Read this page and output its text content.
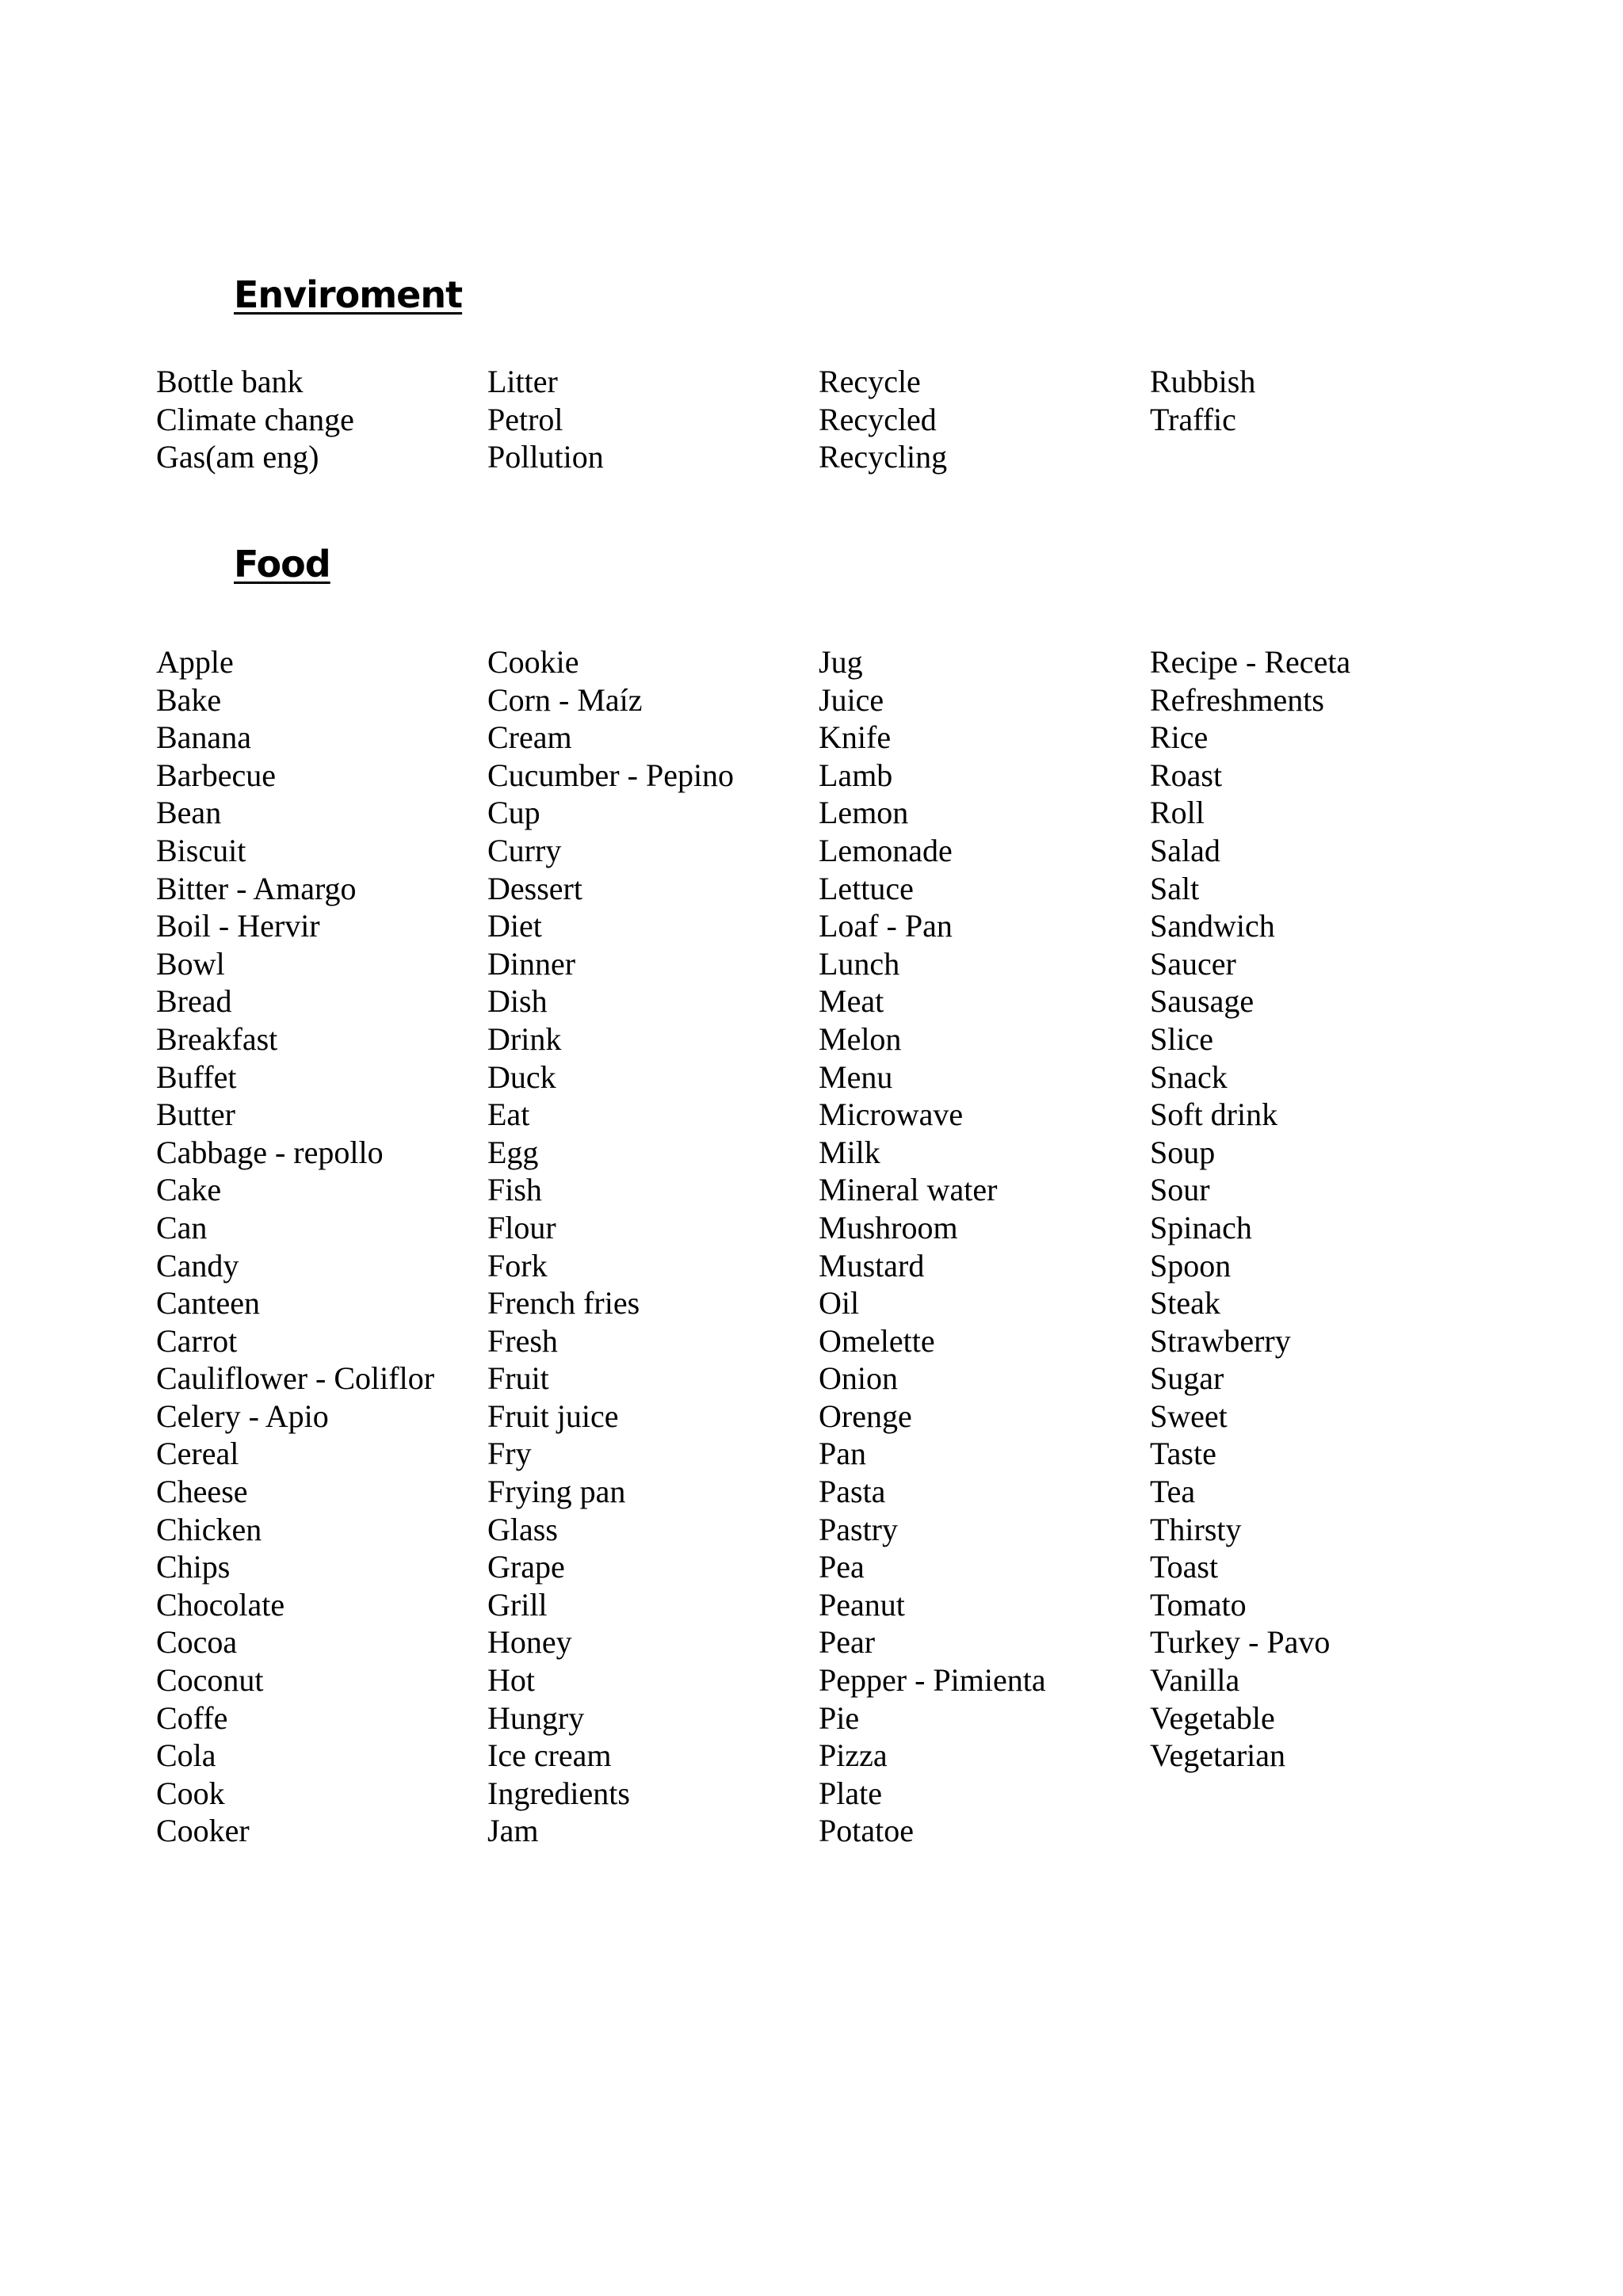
Enviroment
Bottle bank
Climate change
Gas(am eng)
Litter
Petrol
Pollution
Recycle
Recycled
Recycling
Rubbish
Traffic
Food
Apple
Bake
Banana
Barbecue
Bean
Biscuit
Bitter - Amargo
Boil - Hervir
Bowl
Bread
Breakfast
Buffet
Butter
Cabbage - repollo
Cake
Can
Candy
Canteen
Carrot
Cauliflower - Coliflor
Celery - Apio
Cereal
Cheese
Chicken
Chips
Chocolate
Cocoa
Coconut
Coffe
Cola
Cook
Cooker
Cookie
Corn - Maíz
Cream
Cucumber - Pepino
Cup
Curry
Dessert
Diet
Dinner
Dish
Drink
Duck
Eat
Egg
Fish
Flour
Fork
French fries
Fresh
Fruit
Fruit juice
Fry
Frying pan
Glass
Grape
Grill
Honey
Hot
Hungry
Ice cream
Ingredients
Jam
Jug
Juice
Knife
Lamb
Lemon
Lemonade
Lettuce
Loaf - Pan
Lunch
Meat
Melon
Menu
Microwave
Milk
Mineral water
Mushroom
Mustard
Oil
Omelette
Onion
Orenge
Pan
Pasta
Pastry
Pea
Peanut
Pear
Pepper - Pimienta
Pie
Pizza
Plate
Potatoe
Recipe - Receta
Refreshments
Rice
Roast
Roll
Salad
Salt
Sandwich
Saucer
Sausage
Slice
Snack
Soft drink
Soup
Sour
Spinach
Spoon
Steak
Strawberry
Sugar
Sweet
Taste
Tea
Thirsty
Toast
Tomato
Turkey - Pavo
Vanilla
Vegetable
Vegetarian
